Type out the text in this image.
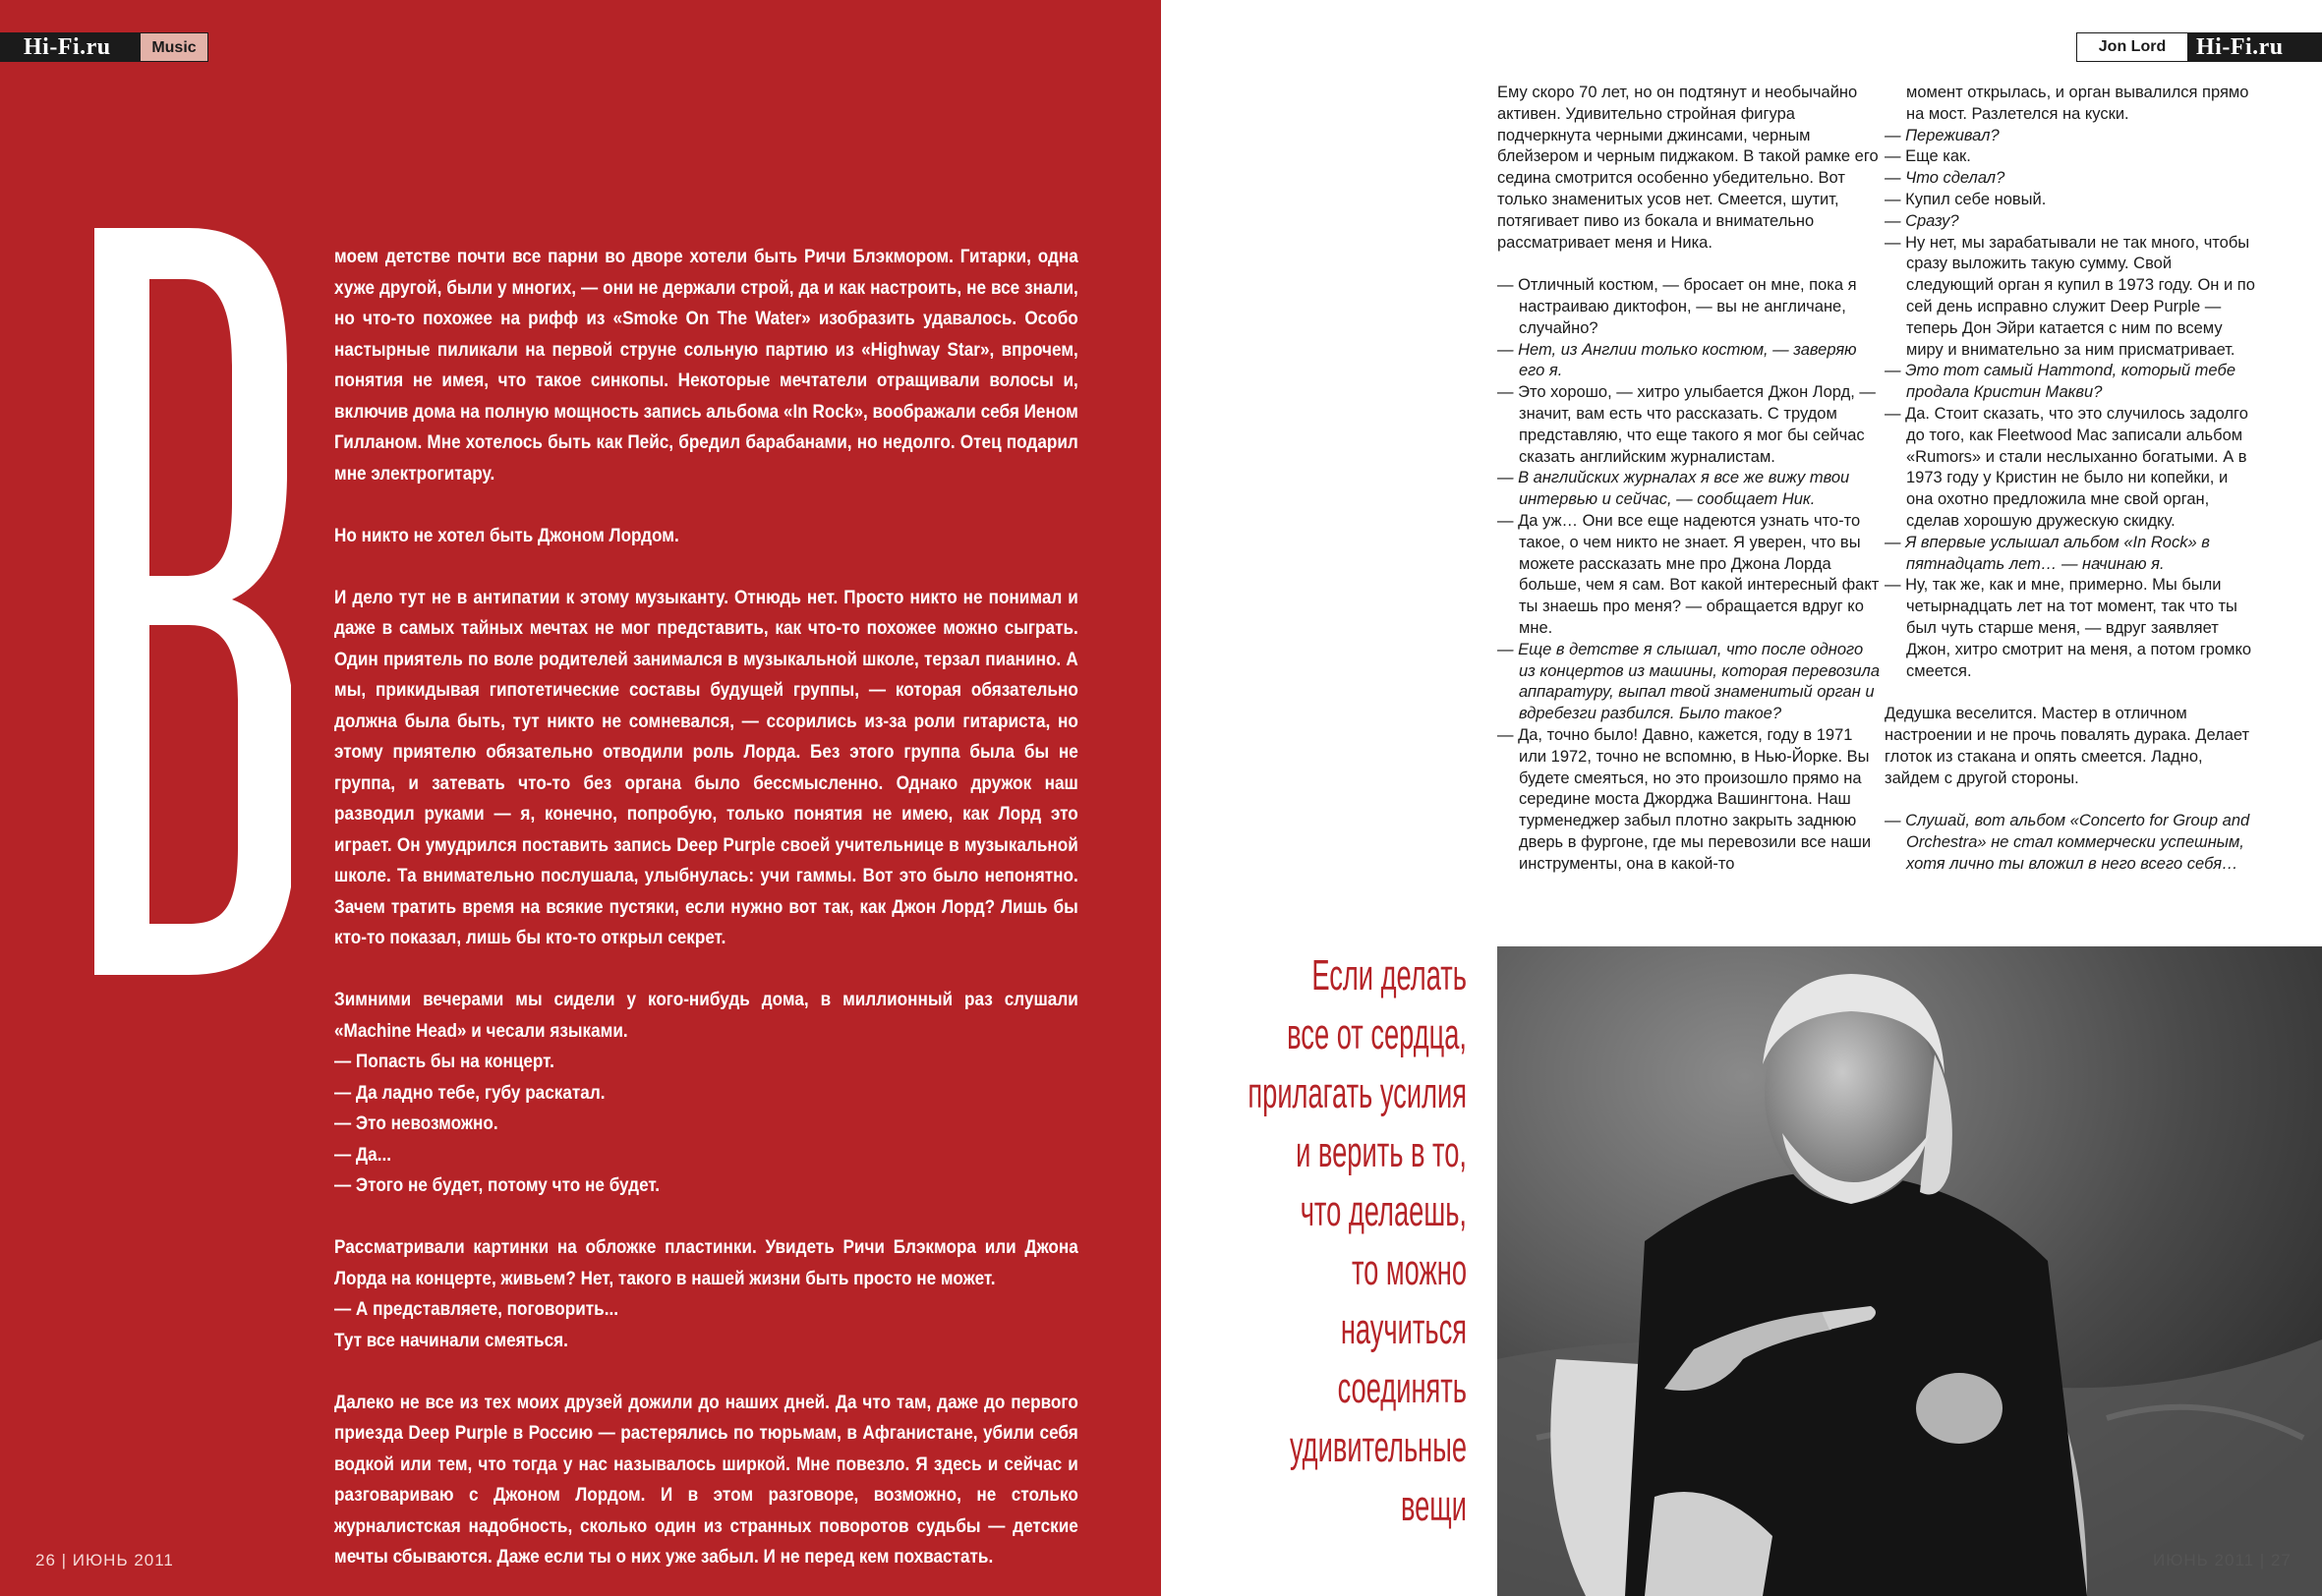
Hi-Fi.ru	Music	Jon Lord	Hi-Fi.ru

моем детстве почти все парни во дворе хотели быть Ричи Блэкмором. Гитарки, одна хуже другой, были у многих, — они не держали строй, да и как настроить, не все знали, но что-то похожее на рифф из «Smoke On The Water» изобразить удавалось. Особо настырные пиликали на первой струне сольную партию из «Highway Star», впрочем, понятия не имея, что такое синкопы. Некоторые мечтатели отращивали волосы и, включив дома на полную мощность запись альбома «In Rock», воображали себя Иеном Гилланом. Мне хотелось быть как Пейс, бредил барабанами, но недолго. Отец подарил мне электрогитару.

Но никто не хотел быть Джоном Лордом.

И дело тут не в антипатии к этому музыканту. Отнюдь нет. Просто никто не понимал и даже в самых тайных мечтах не мог представить, как что-то похожее можно сыграть. Один приятель по воле родителей занимался в музыкальной школе, терзал пианино. А мы, прикидывая гипотетические составы будущей группы, — которая обязательно должна была быть, тут никто не сомневался, — ссорились из-за роли гитариста, но этому приятелю обязательно отводили роль Лорда. Без этого группа была бы не группа, и затевать что-то без органа было бессмысленно. Однако дружок наш разводил руками — я, конечно, попробую, только понятия не имею, как Лорд это играет. Он умудрился поставить запись Deep Purple своей учительнице в музыкальной школе. Та внимательно послушала, улыбнулась: учи гаммы. Вот это было непонятно. Зачем тратить время на всякие пустяки, если нужно вот так, как Джон Лорд? Лишь бы кто-то показал, лишь бы кто-то открыл секрет.

Зимними вечерами мы сидели у кого-нибудь дома, в миллионный раз слушали «Machine Head» и чесали языками.

— Попасть бы на концерт.

— Да ладно тебе, губу раскатал.

— Это невозможно.

— Да...

— Этого не будет, потому что не будет.

Рассматривали картинки на обложке пластинки. Увидеть Ричи Блэкмора или Джона Лорда на концерте, живьем? Нет, такого в нашей жизни быть просто не может.

— А представляете, поговорить...

Тут все начинали смеяться.

Далеко не все из тех моих друзей дожили до наших дней. Да что там, даже до первого приезда Deep Purple в Россию — растерялись по тюрьмам, в Афганистане, убили себя водкой или тем, что тогда у нас называлось ширкой. Мне повезло. Я здесь и сейчас и разговариваю с Джоном Лордом. И в этом разговоре, возможно, не столько журналистская надобность, сколько один из странных поворотов судьбы — детские мечты сбываются. Даже если ты о них уже забыл. И не перед кем похвастать.

26 | ИЮНЬ 2011

Ему скоро 70 лет, но он подтянут и необычайно активен. Удивительно стройная фигура подчеркнута черными джинсами, черным блейзером и черным пиджаком. В такой рамке его седина смотрится особенно убедительно. Вот только знаменитых усов нет. Смеется, шутит, потягивает пиво из бокала и внимательно рассматривает меня и Ника.

— Отличный костюм, — бросает он мне, пока я настраиваю диктофон, — вы не англичане, случайно?

— Нет, из Англии только костюм, — заверяю его я.

— Это хорошо, — хитро улыбается Джон Лорд, — значит, вам есть что рассказать. С трудом представляю, что еще такого я мог бы сейчас сказать английским журналистам.

— В английских журналах я все же вижу твои интервью и сейчас, — сообщает Ник.

— Да уж… Они все еще надеются узнать что-то такое, о чем никто не знает. Я уверен, что вы можете рассказать мне про Джона Лорда больше, чем я сам. Вот какой интересный факт ты знаешь про меня? — обращается вдруг ко мне.

— Еще в детстве я слышал, что после одного из концертов из машины, которая перевозила аппаратуру, выпал твой знаменитый орган и вдребезги разбился. Было такое?

— Да, точно было! Давно, кажется, году в 1971 или 1972, точно не вспомню, в Нью-Йорке. Вы будете смеяться, но это произошло прямо на середине моста Джорджа Вашингтона. Наш турменеджер забыл плотно закрыть заднюю дверь в фургоне, где мы перевозили все наши инструменты, она в какой-то

момент открылась, и орган вывалился прямо на мост. Разлетелся на куски.

— Переживал?

— Еще как.

— Что сделал?

— Купил себе новый.

— Сразу?

— Ну нет, мы зарабатывали не так много, чтобы сразу выложить такую сумму. Свой следующий орган я купил в 1973 году. Он и по сей день исправно служит Deep Purple — теперь Дон Эйри катается с ним по всему миру и внимательно за ним присматривает.

— Это тот самый Hammond, который тебе продала Кристин Макви?

— Да. Стоит сказать, что это случилось задолго до того, как Fleetwood Mac записали альбом «Rumors» и стали неслыханно богатыми. А в 1973 году у Кристин не было ни копейки, и она охотно предложила мне свой орган, сделав хорошую дружескую скидку.

— Я впервые услышал альбом «In Rock» в пятнадцать лет… — начинаю я.

— Ну, так же, как и мне, примерно. Мы были четырнадцать лет на тот момент, так что ты был чуть старше меня, — вдруг заявляет Джон, хитро смотрит на меня, а потом громко смеется.

Дедушка веселится. Мастер в отличном настроении и не прочь повалять дурака. Делает глоток из стакана и опять смеется. Ладно, зайдем с другой стороны.

— Слушай, вот альбом «Concerto for Group and Orchestra» не стал коммерчески успешным, хотя лично ты вложил в него всего себя…

Если делать
все от сердца,
прилагать усилия
и верить в то,
что делаешь,
то можно
научиться
соединять
удивительные
вещи
ИЮНЬ 2011 | 27
